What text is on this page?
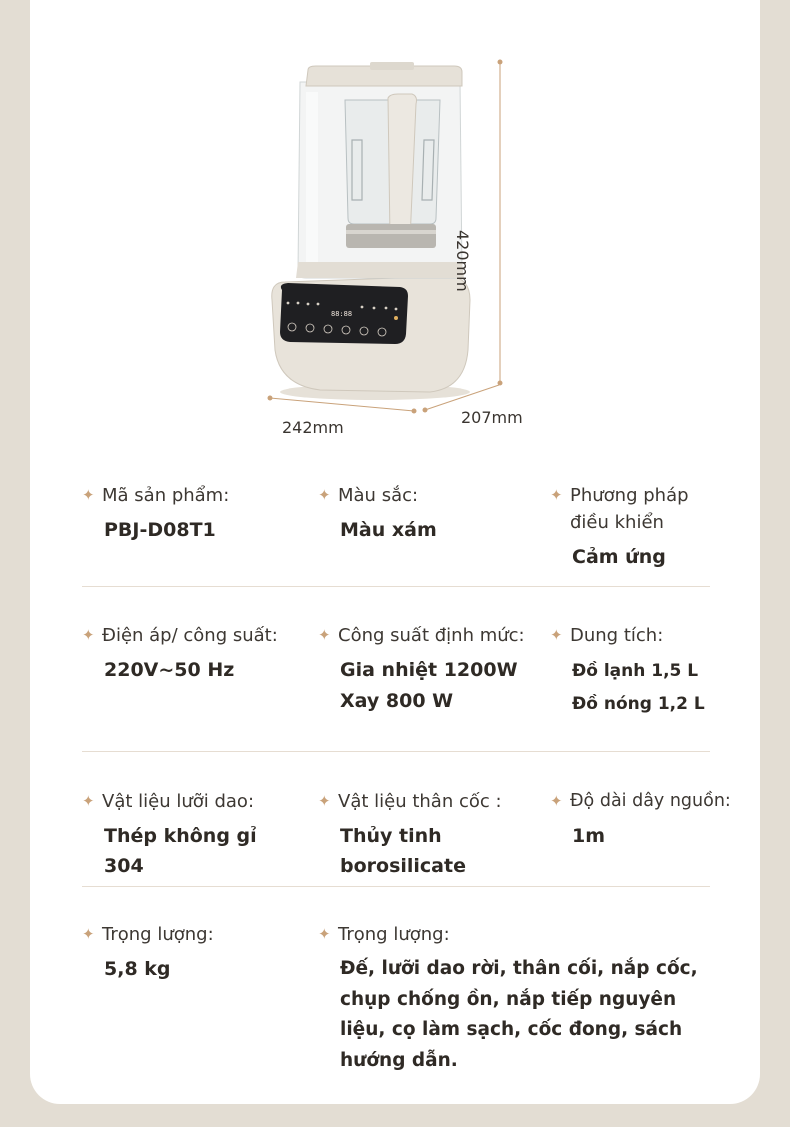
88:88
420mm
242mm
207mm
✦ Mã sản phẩm:
PBJ-D08T1
✦ Màu sắc:
Màu xám
✦ Phương pháp
điều khiển
Cảm ứng
✦ Điện áp/ công suất:
220V~50 Hz
✦ Công suất định mức:
Gia nhiệt 1200W
Xay 800 W
✦ Dung tích:
Đồ lạnh 1,5 L
Đồ nóng 1,2 L
✦ Vật liệu lưỡi dao:
Thép không gỉ
304
✦ Vật liệu thân cốc :
Thủy tinh
borosilicate
✦ Độ dài dây nguồn:
1m
✦ Trọng lượng:
5,8 kg
✦ Trọng lượng:
Đế, lưỡi dao rời, thân cối, nắp cốc,
chụp chống ồn, nắp tiếp nguyên
liệu, cọ làm sạch, cốc đong, sách
hướng dẫn.
